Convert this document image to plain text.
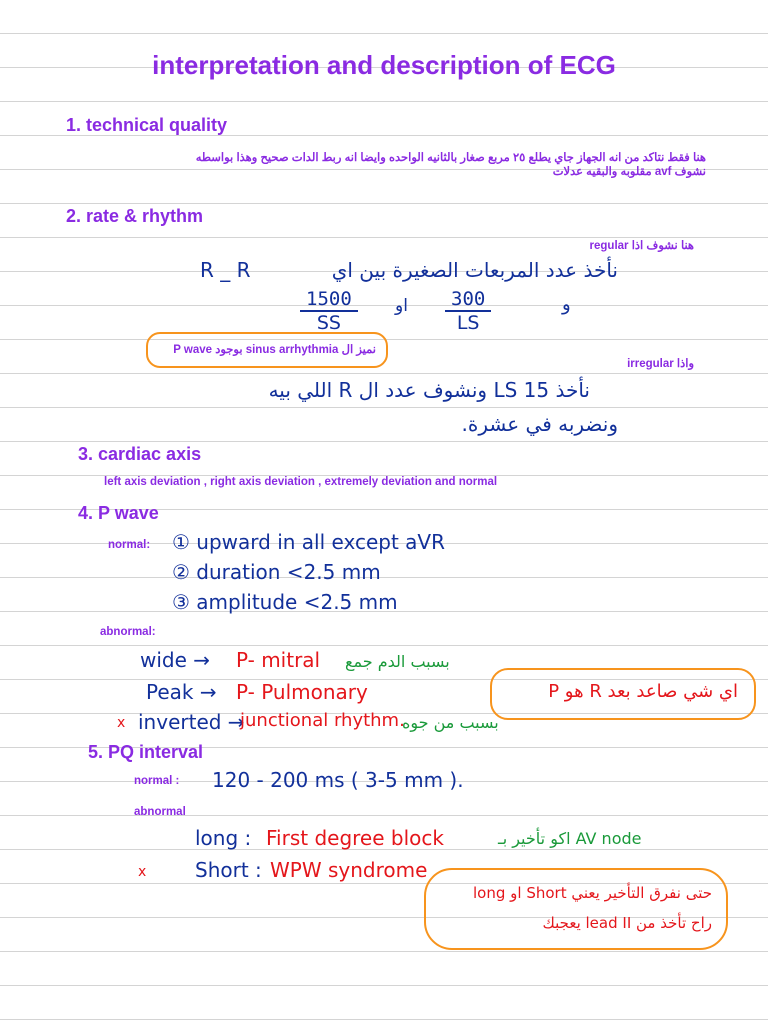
interpretation and description of ECG
1. technical quality
هنا فقط نتاكد من انه الجهاز جاي يطلع ٢٥ مربع صغار بالثانيه الواحده وايضا انه ربط الدات صحيح وهذا بواسطه
نشوف avf مقلوبه والبقيه عدلات
2. rate & rhythm
هنا نشوف اذا regular
R _ R	نأخذ عدد المربعات الصغيرة بين اي
$\frac{1500}{SS}$ او $\frac{300}{LS}$	و
نميز ال sinus arrhythmia بوجود P wave
واذا irregular
نأخذ 15 LS ونشوف عدد ال R اللي بيه
ونضربه في عشرة.
3. cardiac axis
left axis deviation , right axis deviation , extremely deviation and normal
4. P wave
normal: ① upward in all except aVR
② duration <2.5 mm
③ amplitude <2.5 mm
abnormal:
wide → P- mitral بسبب الدم جمع
Peak → P- Pulmonary
x inverted →
junctional rhythm.
بسبب من جوه
اي شي صاعد بعد R هو P
5. PQ interval
normal : 120 - 200 ms ( 3-5 mm ).
abnormal
long : First degree block	اكو تأخير بـ AV node
x Short : WPW syndrome
حتى نفرق التأخير يعني Short او long
راح تأخذ من lead II يعجبك
